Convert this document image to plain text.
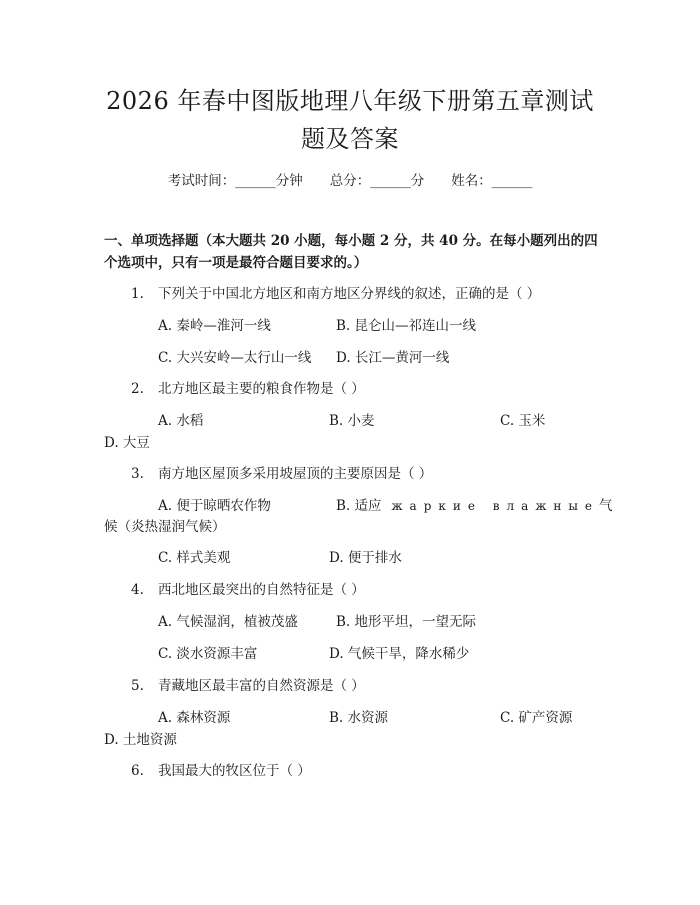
2026 年春中图版地理八年级下册第五章测试
题及答案
考试时间：______分钟　　总分：______分　　姓名：______
一、单项选择题（本大题共 20 小题，每小题 2 分，共 40 分。在每小题列出的四个选项中，只有一项是最符合题目要求的。）
1. 下列关于中国北方地区和南方地区分界线的叙述，正确的是（ ）
A. 秦岭—淮河一线	B. 昆仑山—祁连山一线
C. 大兴安岭—太行山一线 D. 长江—黄河一线
2. 北方地区最主要的粮食作物是（ ）
A. 水稻	B. 小麦	C. 玉米
D. 大豆
3. 南方地区屋顶多采用坡屋顶的主要原因是（ ）
A. 便于晾晒农作物	B. 适应 жаркие влажные气
候（炎热湿润气候）
C. 样式美观	D. 便于排水
4. 西北地区最突出的自然特征是（ ）
A. 气候湿润，植被茂盛	B. 地形平坦，一望无际
C. 淡水资源丰富	D. 气候干旱，降水稀少
5. 青藏地区最丰富的自然资源是（ ）
A. 森林资源	B. 水资源	C. 矿产资源
D. 土地资源
6. 我国最大的牧区位于（ ）
